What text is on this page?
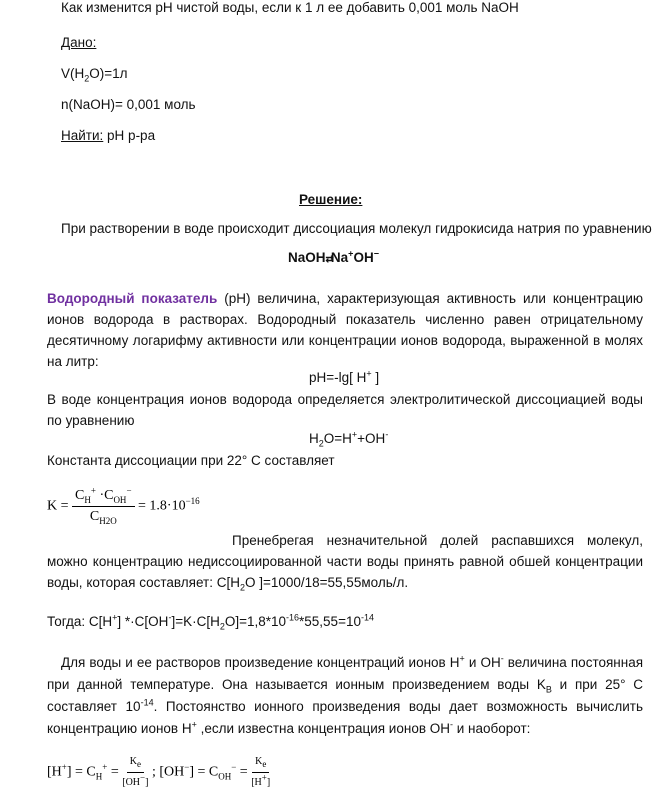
Как изменится pH чистой воды, если к 1 л ее добавить 0,001 моль NaOH
Дано:
$V(H_2O)=1л$
n(NaOH)= 0,001 моль
Найти: pH р-ра
Решение:
При растворении в воде происходит диссоциация молекул гидрокисида натрия по уравнению
NaOH⇄Na+OH−
Водородный показатель (рН) величина, характеризующая активность или концентрацию ионов водорода в растворах. Водородный показатель численно равен отрицательному десятичному логарифму активности или концентрации ионов водорода, выраженной в молях на литр:
pH=-lg[ H+ ]
В воде концентрация ионов водорода определяется электролитической диссоциацией воды по уравнению
$H_2O=H^++OH^-$
Константа диссоциации при 22° С составляет
$K = \frac{C_H^+ \cdot C_{OH}^-}{C_{H2O}} = 1.8\cdot 10^{-16}$
Пренебрегая незначительной долей распавшихся молекул, можно концентрацию недиссоциированной части воды принять равной обшей концентрации воды, которая составляет: $С[H_2O$ ]=1000/18=55,55моль/л.
Тогда: C[H+] $*\cdot C[OH^-]=K\cdot C[H_2O]=1,8*10^{-16}*55,55=10^{-14}$
Для воды и ее растворов произведение концентраций ионов H+ и OH- величина постоянная при данной температуре. Она называется ионным произведением воды $K_B$ и при 25° С составляет $10^{-14}$. Постоянство ионного произведения воды дает возможность вычислить концентрацию ионов H+ ,если известна концентрация ионов OH- и наоборот:
$[H^+] = C_H^+ = \frac{K_e}{[OH^-]}$ ; $[OH^-] = C_{OH}^- = \frac{K_e}{[H^+]}$
